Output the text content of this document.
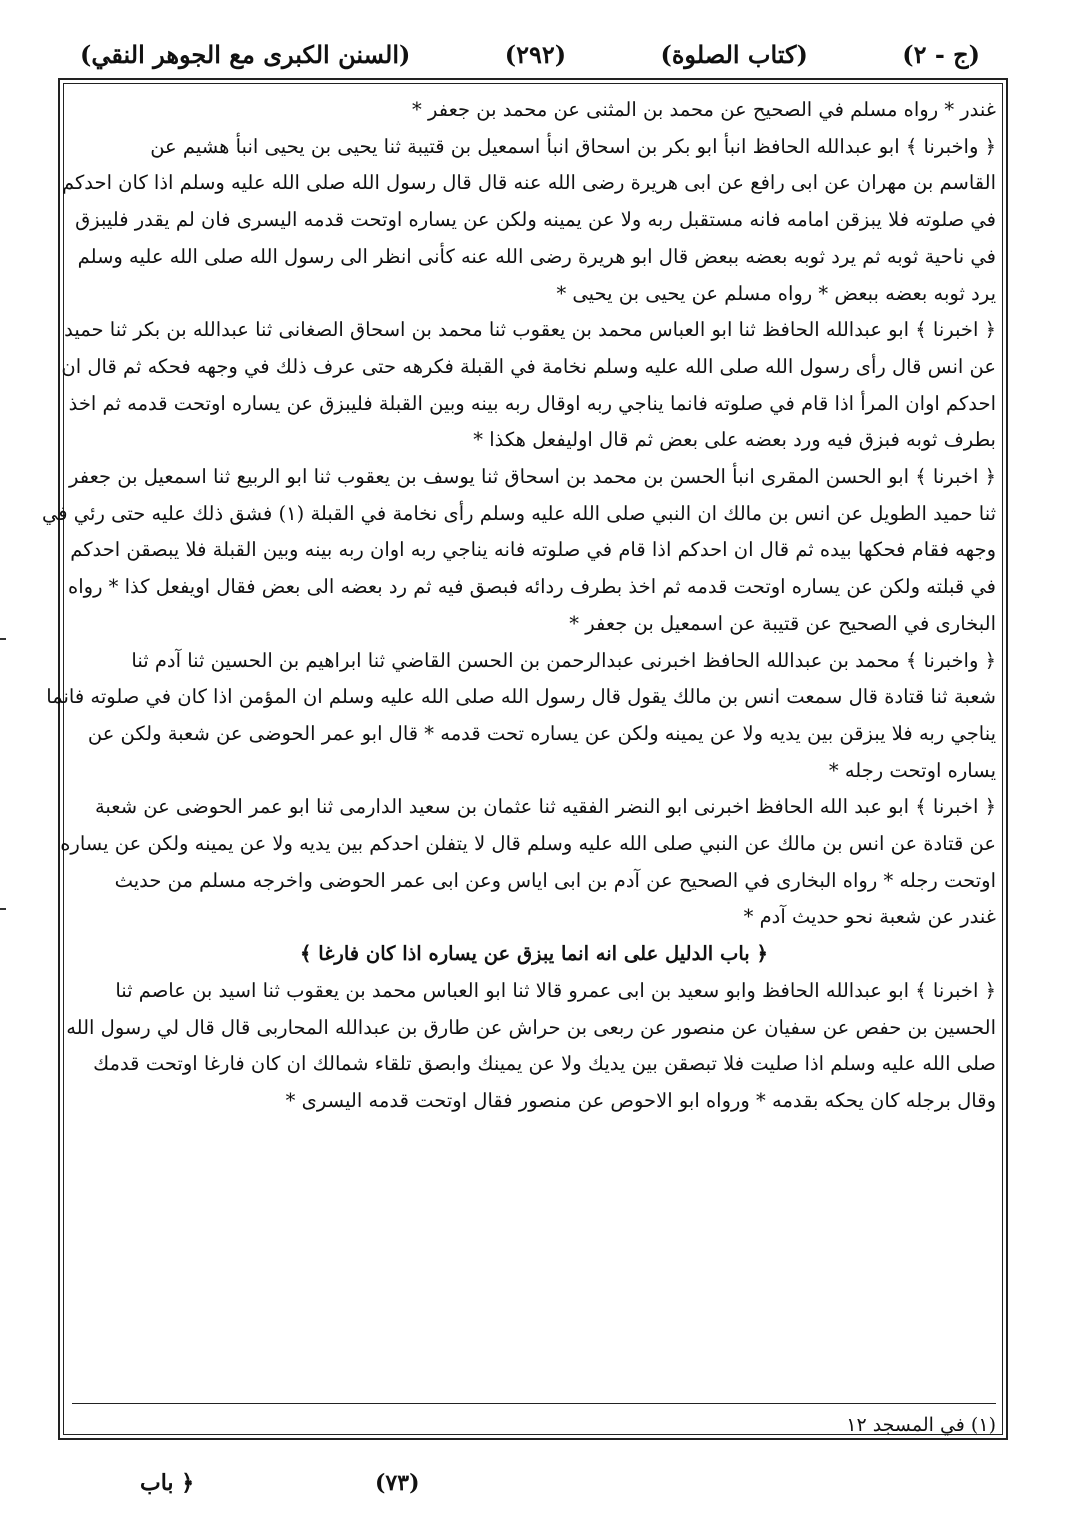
(السنن الكبرى مع الجوهر النقي)	(٢٩٢)	(كتاب الصلوة)	(ج - ٢)
غندر * رواه مسلم في الصحيح عن محمد بن المثنى عن محمد بن جعفر *
﴿ واخبرنا ﴾ ابو عبدالله الحافظ انبأ ابو بكر بن اسحاق انبأ اسمعيل بن قتيبة ثنا يحيى بن يحيى انبأ هشيم عن
القاسم بن مهران عن ابى رافع عن ابى هريرة رضى الله عنه قال قال رسول الله صلى الله عليه وسلم اذا كان احدكم
في صلوته فلا يبزقن امامه فانه مستقبل ربه ولا عن يمينه ولكن عن يساره اوتحت قدمه اليسرى فان لم يقدر فليبزق
في ناحية ثوبه ثم يرد ثوبه بعضه ببعض قال ابو هريرة رضى الله عنه كأنى انظر الى رسول الله صلى الله عليه وسلم
يرد ثوبه بعضه ببعض * رواه مسلم عن يحيى بن يحيى *
﴿ اخبرنا ﴾ ابو عبدالله الحافظ ثنا ابو العباس محمد بن يعقوب ثنا محمد بن اسحاق الصغانى ثنا عبدالله بن بكر ثنا حميد
عن انس قال رأى رسول الله صلى الله عليه وسلم نخامة في القبلة فكرهه حتى عرف ذلك في وجهه فحكه ثم قال ان
احدكم اوان المرأ اذا قام في صلوته فانما يناجي ربه اوقال ربه بينه وبين القبلة فليبزق عن يساره اوتحت قدمه ثم اخذ
بطرف ثوبه فبزق فيه ورد بعضه على بعض ثم قال اوليفعل هكذا *
﴿ اخبرنا ﴾ ابو الحسن المقرى انبأ الحسن بن محمد بن اسحاق ثنا يوسف بن يعقوب ثنا ابو الربيع ثنا اسمعيل بن جعفر
ثنا حميد الطويل عن انس بن مالك ان النبي صلى الله عليه وسلم رأى نخامة في القبلة (١) فشق ذلك عليه حتى رئي في
وجهه فقام فحكها بيده ثم قال ان احدكم اذا قام في صلوته فانه يناجي ربه اوان ربه بينه وبين القبلة فلا يبصقن احدكم
في قبلته ولكن عن يساره اوتحت قدمه ثم اخذ بطرف ردائه فبصق فيه ثم رد بعضه الى بعض فقال اويفعل كذا * رواه
البخارى في الصحيح عن قتيبة عن اسمعيل بن جعفر *
﴿ واخبرنا ﴾ محمد بن عبدالله الحافظ اخبرنى عبدالرحمن بن الحسن القاضي ثنا ابراهيم بن الحسين ثنا آدم ثنا
شعبة ثنا قتادة قال سمعت انس بن مالك يقول قال رسول الله صلى الله عليه وسلم ان المؤمن اذا كان في صلوته فانما
يناجي ربه فلا يبزقن بين يديه ولا عن يمينه ولكن عن يساره تحت قدمه * قال ابو عمر الحوضى عن شعبة ولكن عن
يساره اوتحت رجله *
﴿ اخبرنا ﴾ ابو عبد الله الحافظ اخبرنى ابو النضر الفقيه ثنا عثمان بن سعيد الدارمى ثنا ابو عمر الحوضى عن شعبة
عن قتادة عن انس بن مالك عن النبي صلى الله عليه وسلم قال لا يتفلن احدكم بين يديه ولا عن يمينه ولكن عن يساره
اوتحت رجله * رواه البخارى في الصحيح عن آدم بن ابى اياس وعن ابى عمر الحوضى واخرجه مسلم من حديث
غندر عن شعبة نحو حديث آدم *
﴿ باب الدليل على انه انما يبزق عن يساره اذا كان فارغا ﴾
﴿ اخبرنا ﴾ ابو عبدالله الحافظ وابو سعيد بن ابى عمرو قالا ثنا ابو العباس محمد بن يعقوب ثنا اسيد بن عاصم ثنا
الحسين بن حفص عن سفيان عن منصور عن ربعى بن حراش عن طارق بن عبدالله المحاربى قال قال لي رسول الله
صلى الله عليه وسلم اذا صليت فلا تبصقن بين يديك ولا عن يمينك وابصق تلقاء شمالك ان كان فارغا اوتحت قدمك
وقال برجله كان يحكه بقدمه * ورواه ابو الاحوص عن منصور فقال اوتحت قدمه اليسرى *
(١) في المسجد ١٢
﴿ باب	(٧٣)
